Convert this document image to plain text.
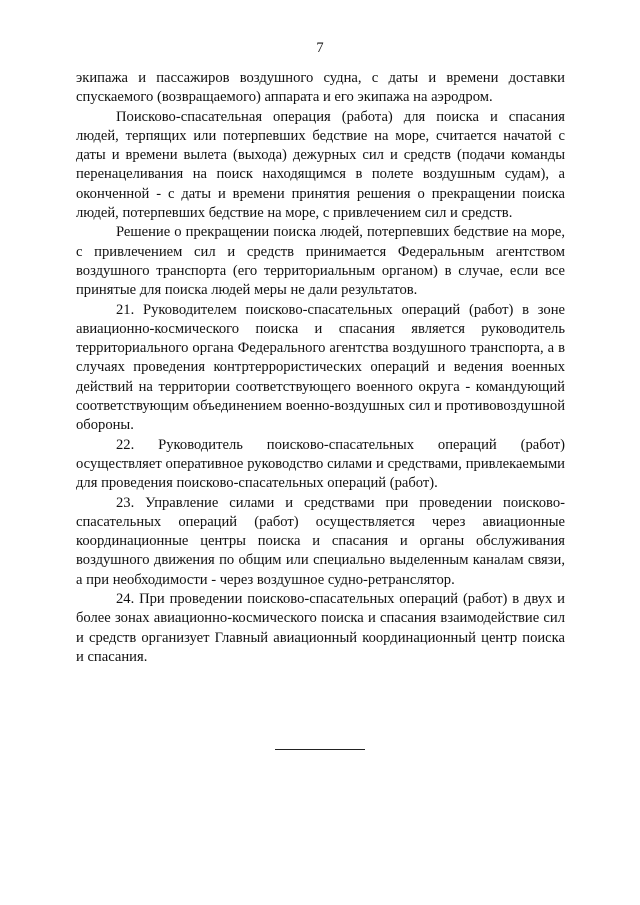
7

экипажа и пассажиров воздушного судна, с даты и времени доставки спускаемого (возвращаемого) аппарата и его экипажа на аэродром.

Поисково-спасательная операция (работа) для поиска и спасания людей, терпящих или потерпевших бедствие на море, считается начатой с даты и времени вылета (выхода) дежурных сил и средств (подачи команды перенацеливания на поиск находящимся в полете воздушным судам), а оконченной - с даты и времени принятия решения о прекращении поиска людей, потерпевших бедствие на море, с привлечением сил и средств.

Решение о прекращении поиска людей, потерпевших бедствие на море, с привлечением сил и средств принимается Федеральным агентством воздушного транспорта (его территориальным органом) в случае, если все принятые для поиска людей меры не дали результатов.

21. Руководителем поисково-спасательных операций (работ) в зоне авиационно-космического поиска и спасания является руководитель территориального органа Федерального агентства воздушного транспорта, а в случаях проведения контртеррористических операций и ведения военных действий на территории соответствующего военного округа - командующий соответствующим объединением военно-воздушных сил и противовоздушной обороны.

22. Руководитель поисково-спасательных операций (работ) осуществляет оперативное руководство силами и средствами, привлекаемыми для проведения поисково-спасательных операций (работ).

23. Управление силами и средствами при проведении поисково-спасательных операций (работ) осуществляется через авиационные координационные центры поиска и спасания и органы обслуживания воздушного движения по общим или специально выделенным каналам связи, а при необходимости - через воздушное судно-ретранслятор.

24. При проведении поисково-спасательных операций (работ) в двух и более зонах авиационно-космического поиска и спасания взаимодействие сил и средств организует Главный авиационный координационный центр поиска и спасания.
